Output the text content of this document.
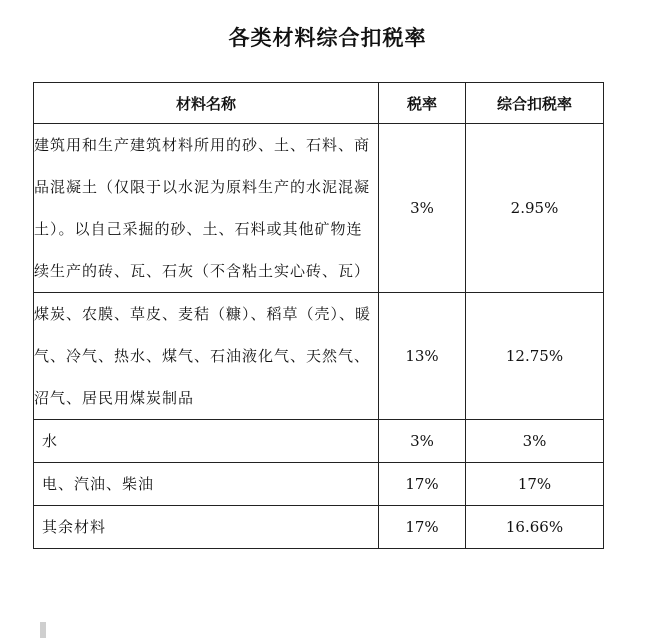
各类材料综合扣税率
材料名称	税率	综合扣税率
建筑用和生产建筑材料所用的砂、土、石料、商品混凝土（仅限于以水泥为原料生产的水泥混凝土）。以自己采掘的砂、土、石料或其他矿物连续生产的砖、瓦、石灰（不含粘土实心砖、瓦）	3%	2.95%
煤炭、农膜、草皮、麦秸（糠）、稻草（壳）、暖气、冷气、热水、煤气、石油液化气、天然气、沼气、居民用煤炭制品	13%	12.75%
水	3%	3%
电、汽油、柴油	17%	17%
其余材料	17%	16.66%
